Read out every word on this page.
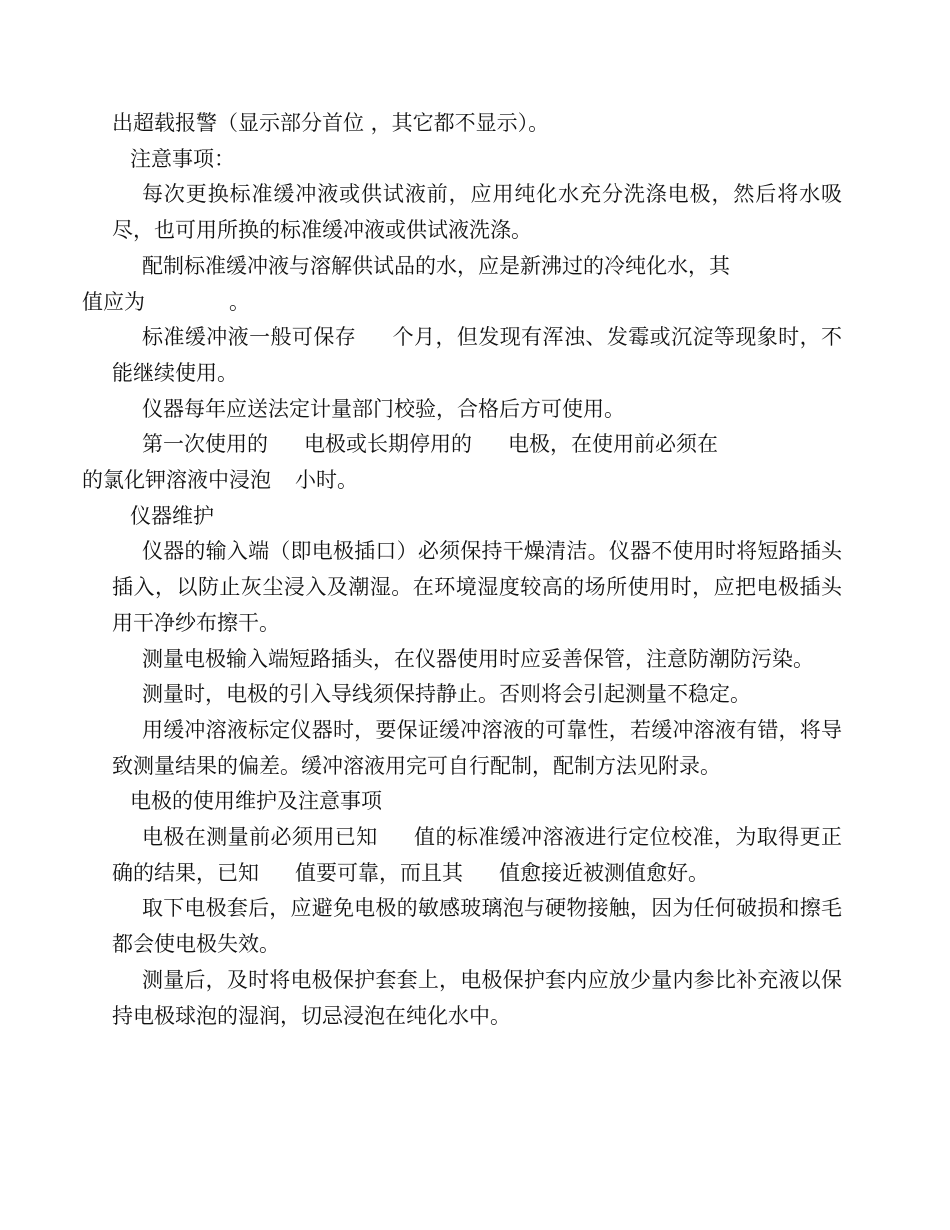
出超载报警（显示部分首位 ，其它都不显示）。

注意事项：

每次更换标准缓冲液或供试液前，应用纯化水充分洗涤电极，然后将水吸尽，也可用所换的标准缓冲液或供试液洗涤。

配制标准缓冲液与溶解供试品的水，应是新沸过的冷纯化水，其
值应为	。

标准缓冲液一般可保存 个月，但发现有浑浊、发霉或沉淀等现象时，不能继续使用。

仪器每年应送法定计量部门校验，合格后方可使用。

第一次使用的 电极或长期停用的 电极，在使用前必须在
的氯化钾溶液中浸泡 小时。

仪器维护

仪器的输入端（即电极插口）必须保持干燥清洁。仪器不使用时将短路插头插入，以防止灰尘浸入及潮湿。在环境湿度较高的场所使用时，应把电极插头用干净纱布擦干。

测量电极输入端短路插头，在仪器使用时应妥善保管，注意防潮防污染。

测量时，电极的引入导线须保持静止。否则将会引起测量不稳定。

用缓冲溶液标定仪器时，要保证缓冲溶液的可靠性，若缓冲溶液有错，将导致测量结果的偏差。缓冲溶液用完可自行配制，配制方法见附录。

电极的使用维护及注意事项

电极在测量前必须用已知 值的标准缓冲溶液进行定位校准，为取得更正确的结果，已知 值要可靠，而且其 值愈接近被测值愈好。

取下电极套后，应避免电极的敏感玻璃泡与硬物接触，因为任何破损和擦毛都会使电极失效。

测量后，及时将电极保护套套上，电极保护套内应放少量内参比补充液以保持电极球泡的湿润，切忌浸泡在纯化水中。
